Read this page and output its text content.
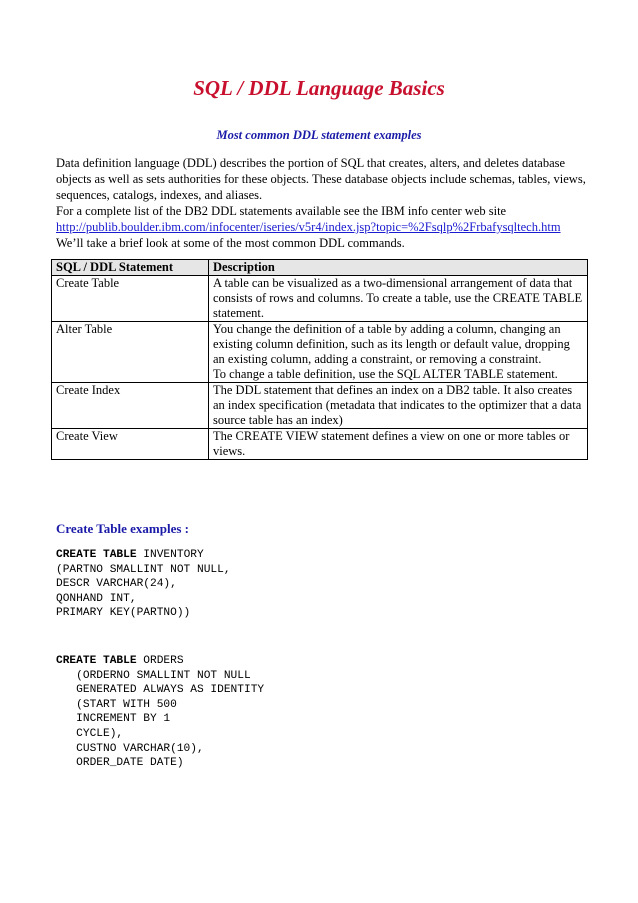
SQL / DDL Language Basics
Most common DDL statement examples

Data definition language (DDL) describes the portion of SQL that creates, alters, and deletes database objects as well as sets authorities for these objects. These database objects include schemas, tables, views, sequences, catalogs, indexes, and aliases.

For a complete list of the DB2 DDL statements available see the IBM info center web site

http://publib.boulder.ibm.com/infocenter/iseries/v5r4/index.jsp?topic=%2Fsqlp%2Frbafysqltech.htm

We’ll take a brief look at some of the most common DDL commands.

SQL / DDL Statement	Description
Create Table	A table can be visualized as a two-dimensional arrangement of data that consists of rows and columns. To create a table, use the CREATE TABLE statement.
Alter Table	You change the definition of a table by adding a column, changing an existing column definition, such as its length or default value, dropping an existing column, adding a constraint, or removing a constraint.
To change a table definition, use the SQL ALTER TABLE statement.

Create Index	The DDL statement that defines an index on a DB2 table. It also creates an index specification (metadata that indicates to the optimizer that a data source table has an index)
Create View	The CREATE VIEW statement defines a view on one or more tables or views.
Create Table examples :
CREATE TABLE INVENTORY
(PARTNO SMALLINT NOT NULL,
DESCR VARCHAR(24),
QONHAND INT,
PRIMARY KEY(PARTNO))
CREATE TABLE ORDERS
(ORDERNO SMALLINT NOT NULL
GENERATED ALWAYS AS IDENTITY
(START WITH 500
INCREMENT BY 1
CYCLE),
CUSTNO VARCHAR(10),
ORDER_DATE DATE)
